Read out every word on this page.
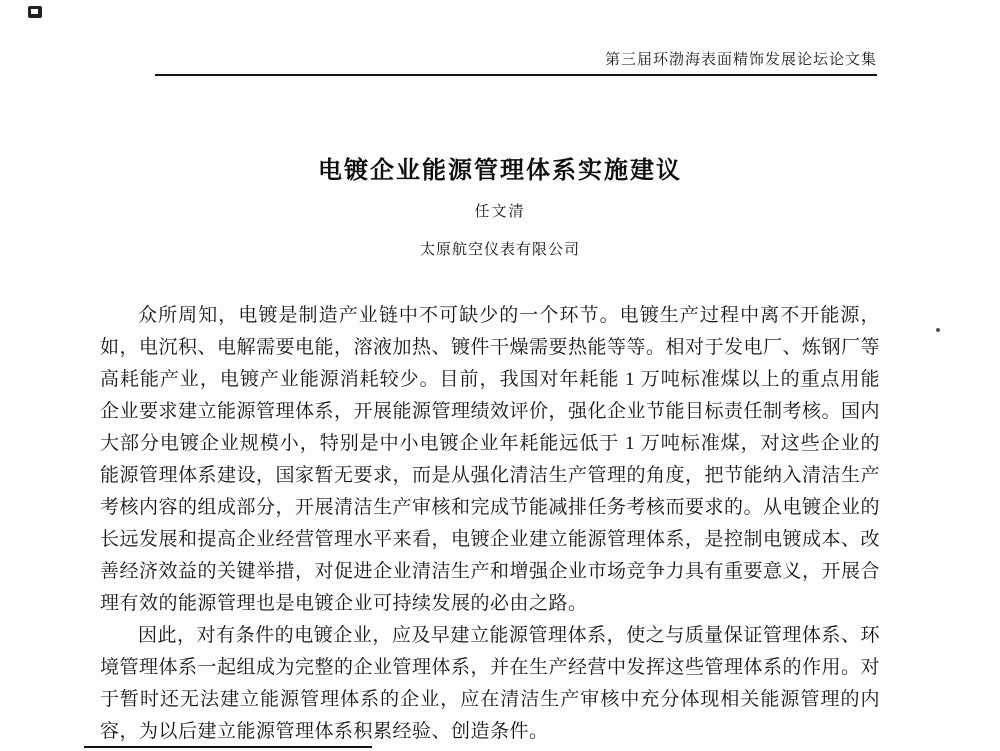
第三届环渤海表面精饰发展论坛论文集
电镀企业能源管理体系实施建议
任文清
太原航空仪表有限公司

众所周知，电镀是制造产业链中不可缺少的一个环节。电镀生产过程中离不开能源，如，电沉积、电解需要电能，溶液加热、镀件干燥需要热能等等。相对于发电厂、炼钢厂等高耗能产业，电镀产业能源消耗较少。目前，我国对年耗能 1 万吨标准煤以上的重点用能企业要求建立能源管理体系，开展能源管理绩效评价，强化企业节能目标责任制考核。国内大部分电镀企业规模小，特别是中小电镀企业年耗能远低于 1 万吨标准煤，对这些企业的能源管理体系建设，国家暂无要求，而是从强化清洁生产管理的角度，把节能纳入清洁生产考核内容的组成部分，开展清洁生产审核和完成节能减排任务考核而要求的。从电镀企业的长远发展和提高企业经营管理水平来看，电镀企业建立能源管理体系，是控制电镀成本、改善经济效益的关键举措，对促进企业清洁生产和增强企业市场竞争力具有重要意义，开展合理有效的能源管理也是电镀企业可持续发展的必由之路。

因此，对有条件的电镀企业，应及早建立能源管理体系，使之与质量保证管理体系、环境管理体系一起组成为完整的企业管理体系，并在生产经营中发挥这些管理体系的作用。对于暂时还无法建立能源管理体系的企业，应在清洁生产审核中充分体现相关能源管理的内容，为以后建立能源管理体系积累经验、创造条件。
